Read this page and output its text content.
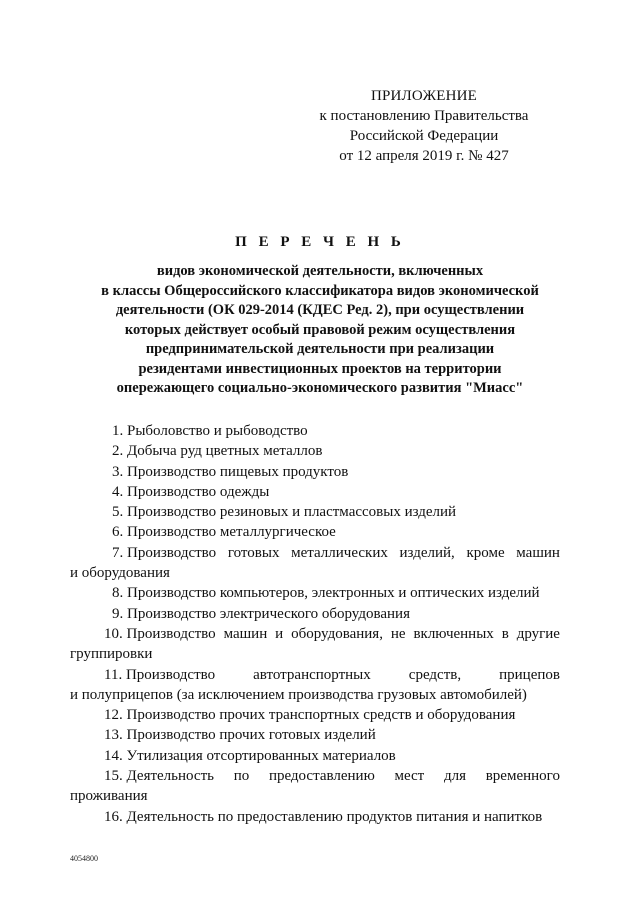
ПРИЛОЖЕНИЕ
к постановлению Правительства
Российской Федерации
от 12 апреля 2019 г. № 427
П Е Р Е Ч Е Н Ь
видов экономической деятельности, включенных
в классы Общероссийского классификатора видов экономической
деятельности (ОК 029-2014 (КДЕС Ред. 2), при осуществлении
которых действует особый правовой режим осуществления
предпринимательской деятельности при реализации
резидентами инвестиционных проектов на территории
опережающего социально-экономического развития "Миасс"
1. Рыболовство и рыбоводство
2. Добыча руд цветных металлов
3. Производство пищевых продуктов
4. Производство одежды
5. Производство резиновых и пластмассовых изделий
6. Производство металлургическое
7. Производство готовых металлических изделий, кроме машин
и оборудования
8. Производство компьютеров, электронных и оптических изделий
9. Производство электрического оборудования
10. Производство машин и оборудования, не включенных в другие
группировки
11. Производство	автотранспортных	средств,	прицепов
и полуприцепов (за исключением производства грузовых автомобилей)
12. Производство прочих транспортных средств и оборудования
13. Производство прочих готовых изделий
14. Утилизация отсортированных материалов
15. Деятельность по предоставлению мест для временного
проживания
16. Деятельность по предоставлению продуктов питания и напитков
4054800
